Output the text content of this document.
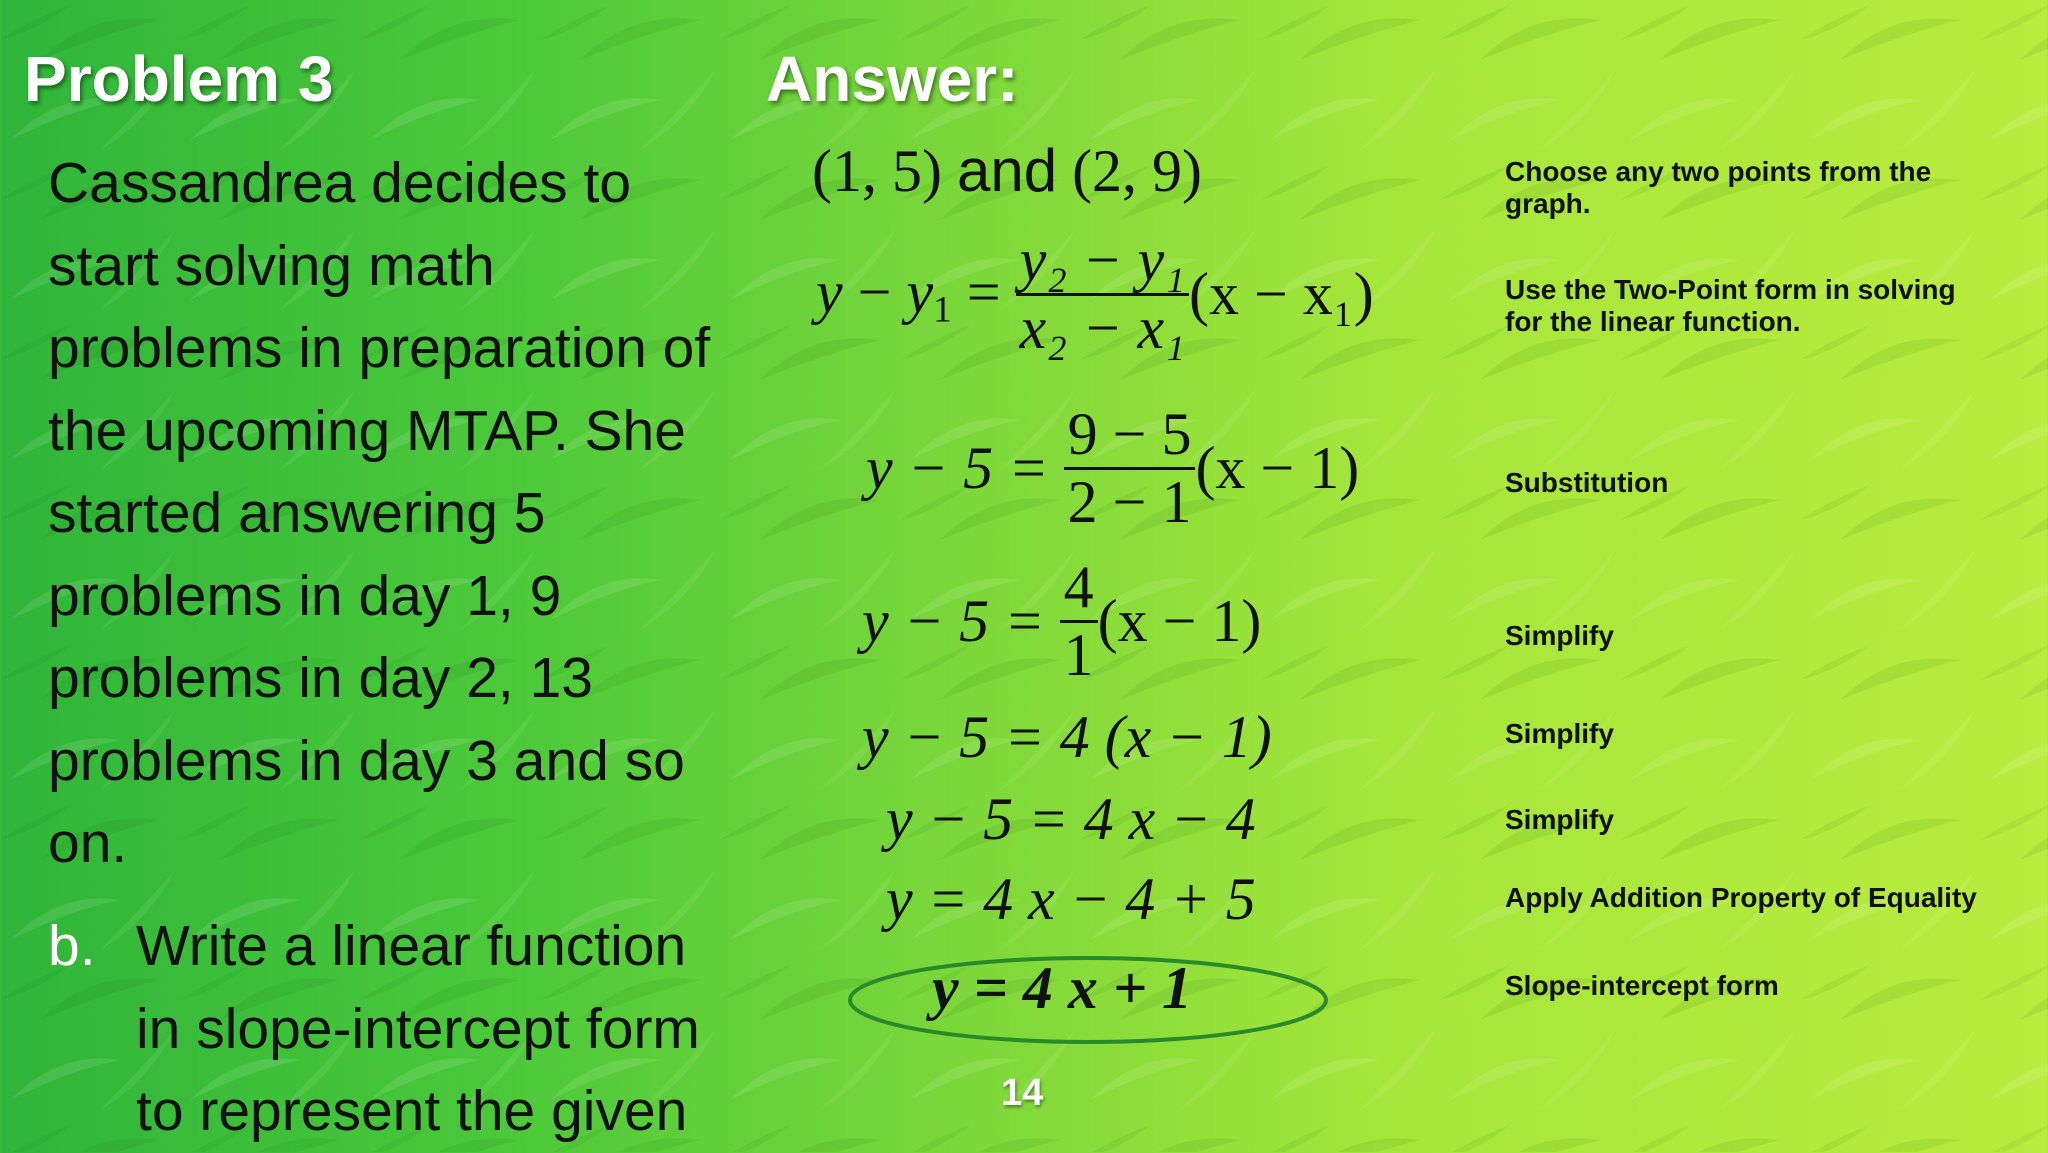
Problem 3
Cassandrea decides to
start solving math
problems in preparation of
the upcoming MTAP. She
started answering 5
problems in day 1, 9
problems in day 2, 13
problems in day 3 and so
on.
b. Write a linear function
in slope-intercept form
to represent the given
Answer:
(1, 5) and (2, 9)
$y - y_1 = \frac{\text{y₂ − y₁}}{\text{x₂ − x₁}} (x - x_1)$
y − 5 =
$\frac{9 - 5}{2 - 1} (x - 1)$
y − 5 =
$\frac{4}{1} (x - 1)$
y − 5 = 4 (x − 1)
y − 5 = 4 x − 4
y = 4 x − 4 + 5
y = 4 x + 1
Choose any two points from the
graph.
Use the Two-Point form in solving
for the linear function.
Substitution
Simplify
Simplify
Simplify
Apply Addition Property of Equality
Slope-intercept form
14
